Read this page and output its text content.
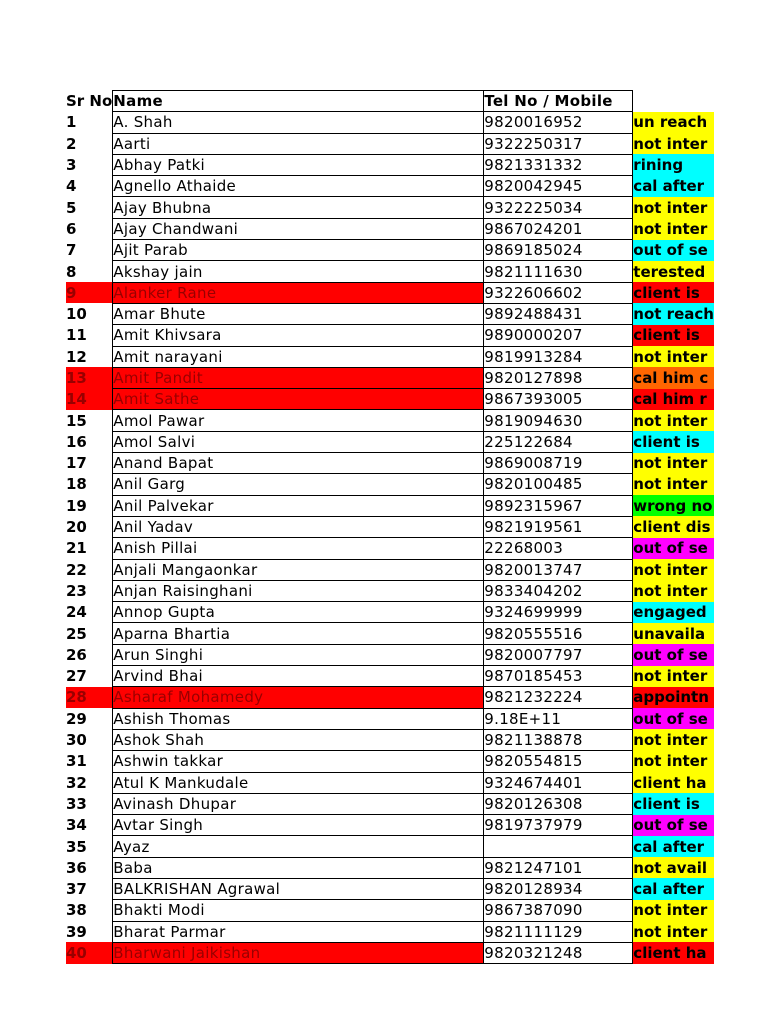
Sr No	Name	Tel No / Mobile	
1	A. Shah	9820016952	un reach
2	Aarti	9322250317	not inter
3	Abhay Patki	9821331332	rining
4	Agnello Athaide	9820042945	cal after
5	Ajay Bhubna	9322225034	not inter
6	Ajay Chandwani	9867024201	not inter
7	Ajit Parab	9869185024	out of se
8	Akshay jain	9821111630	terested
9	Alanker Rane	9322606602	client is
10	Amar Bhute	9892488431	not reach
11	Amit Khivsara	9890000207	client is
12	Amit narayani	9819913284	not inter
13	Amit Pandit	9820127898	cal him c
14	Amit Sathe	9867393005	cal him r
15	Amol Pawar	9819094630	not inter
16	Amol Salvi	225122684	client is
17	Anand Bapat	9869008719	not inter
18	Anil Garg	9820100485	not inter
19	Anil Palvekar	9892315967	wrong no
20	Anil Yadav	9821919561	client dis
21	Anish Pillai	22268003	out of se
22	Anjali Mangaonkar	9820013747	not inter
23	Anjan Raisinghani	9833404202	not inter
24	Annop Gupta	9324699999	engaged
25	Aparna Bhartia	9820555516	unavaila
26	Arun Singhi	9820007797	out of se
27	Arvind Bhai	9870185453	not inter
28	Asharaf Mohamedy	9821232224	appointn
29	Ashish Thomas	9.18E+11	out of se
30	Ashok Shah	9821138878	not inter
31	Ashwin takkar	9820554815	not inter
32	Atul K Mankudale	9324674401	client ha
33	Avinash Dhupar	9820126308	client is
34	Avtar Singh	9819737979	out of se
35	Ayaz		cal after
36	Baba	9821247101	not avail
37	BALKRISHAN Agrawal	9820128934	cal after
38	Bhakti Modi	9867387090	not inter
39	Bharat Parmar	9821111129	not inter
40	Bharwani Jaikishan	9820321248	client ha
